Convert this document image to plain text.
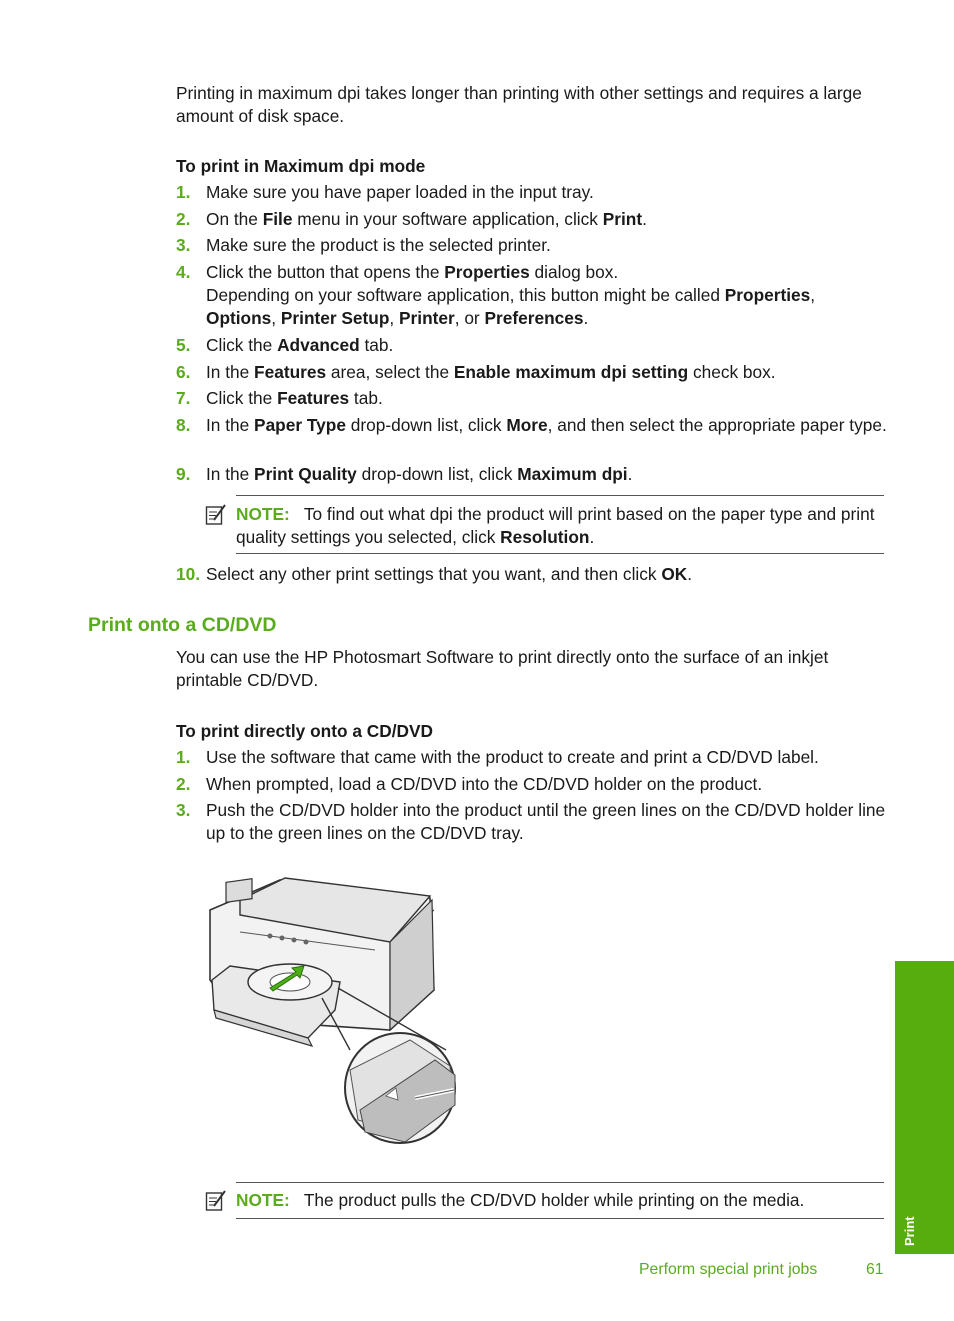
Printing in maximum dpi takes longer than printing with other settings and requires a large amount of disk space.

To print in Maximum dpi mode

1. Make sure you have paper loaded in the input tray.
2. On the File menu in your software application, click Print.
3. Make sure the product is the selected printer.
4. Click the button that opens the Properties dialog box.
Depending on your software application, this button might be called Properties, Options, Printer Setup, Printer, or Preferences.
5. Click the Advanced tab.
6. In the Features area, select the Enable maximum dpi setting check box.
7. Click the Features tab.
8. In the Paper Type drop-down list, click More, and then select the appropriate paper type.
9. In the Print Quality drop-down list, click Maximum dpi.

NOTE: To find out what dpi the product will print based on the paper type and print quality settings you selected, click Resolution.

10. Select any other print settings that you want, and then click OK.

Print onto a CD/DVD

You can use the HP Photosmart Software to print directly onto the surface of an inkjet printable CD/DVD.

To print directly onto a CD/DVD

1. Use the software that came with the product to create and print a CD/DVD label.
2. When prompted, load a CD/DVD into the CD/DVD holder on the product.
3. Push the CD/DVD holder into the product until the green lines on the CD/DVD holder line up to the green lines on the CD/DVD tray.

NOTE: The product pulls the CD/DVD holder while printing on the media.

Print

Perform special print jobs	61
